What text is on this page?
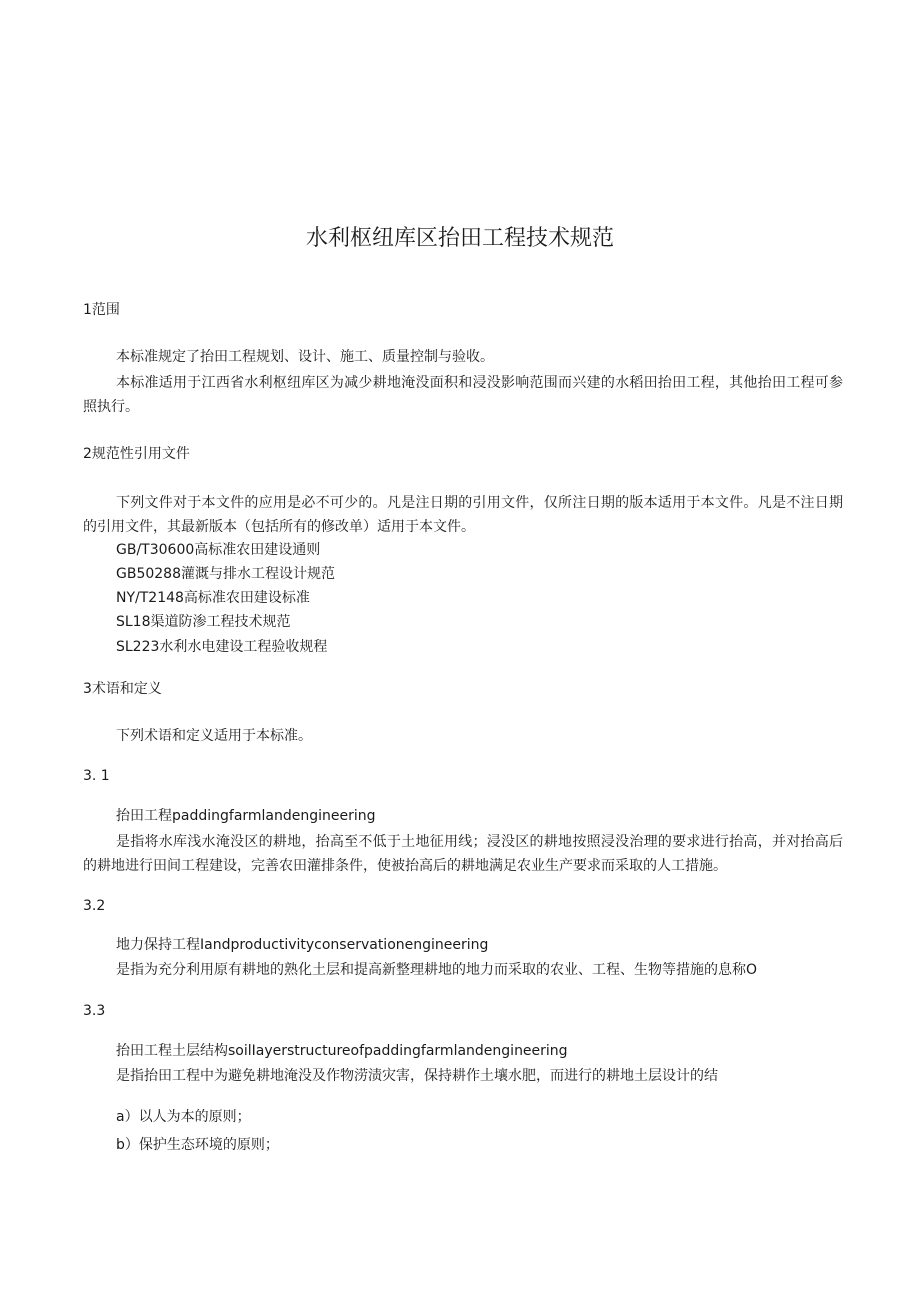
水利枢纽库区抬田工程技术规范
1范围
本标准规定了抬田工程规划、设计、施工、质量控制与验收。
本标准适用于江西省水利枢纽库区为减少耕地淹没面积和浸没影响范围而兴建的水稻田抬田工程，其他抬田工程可参照执行。
2规范性引用文件
下列文件对于本文件的应用是必不可少的。凡是注日期的引用文件，仅所注日期的版本适用于本文件。凡是不注日期的引用文件，其最新版本（包括所有的修改单）适用于本文件。
GB/T30600高标准农田建设通则
GB50288灌溉与排水工程设计规范
NY/T2148高标准农田建设标准
SL18渠道防渗工程技术规范
SL223水利水电建设工程验收规程
3术语和定义
下列术语和定义适用于本标准。
3. 1
抬田工程paddingfarmlandengineering
是指将水库浅水淹没区的耕地，抬高至不低于土地征用线；浸没区的耕地按照浸没治理的要求进行抬高，并对抬高后的耕地进行田间工程建设，完善农田灌排条件，使被抬高后的耕地满足农业生产要求而采取的人工措施。
3.2
地力保持工程Iandproductivityconservationengineering
是指为充分利用原有耕地的熟化土层和提高新整理耕地的地力而采取的农业、工程、生物等措施的息称O
3.3
抬田工程土层结构soilIayerstructureofpaddingfarmlandengineering
是指抬田工程中为避免耕地淹没及作物涝渍灾害，保持耕作土壤水肥，而进行的耕地土层设计的结
a）以人为本的原则；
b）保护生态环境的原则；
